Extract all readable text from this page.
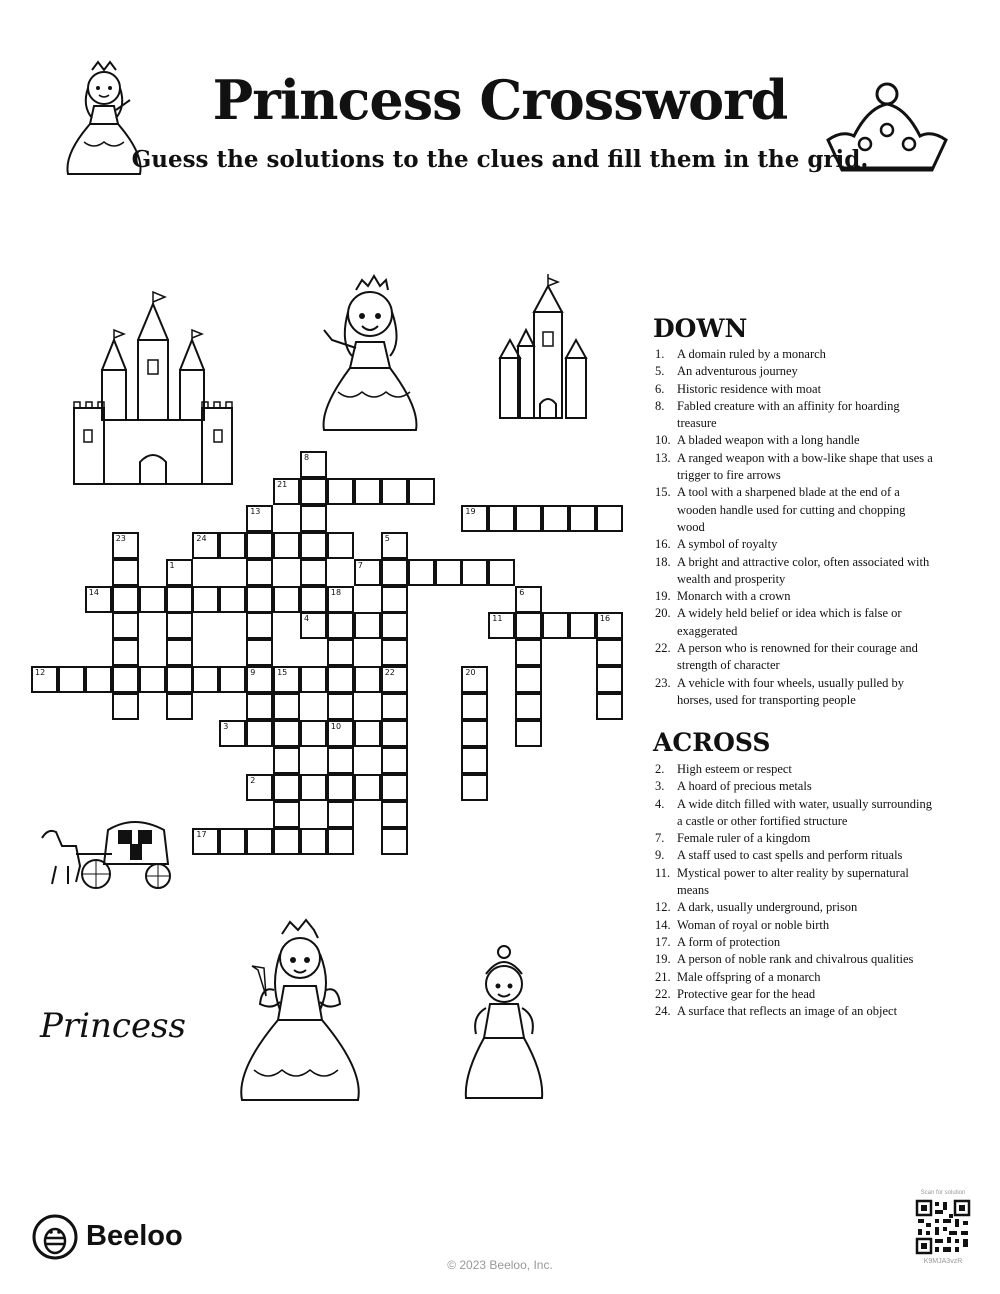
Princess Crossword
Guess the solutions to the clues and fill them in the grid.
Princess
1
2
3	10
4
5
22
6
7
8
9	15
11	16
12
13
14
17
18
19
20
21
23	24
DOWN
1. A domain ruled by a monarch
5. An adventurous journey
6. Historic residence with moat
8. Fabled creature with an affinity for hoarding treasure
10. A bladed weapon with a long handle
13. A ranged weapon with a bow-like shape that uses a trigger to fire arrows
15. A tool with a sharpened blade at the end of a wooden handle used for cutting and chopping wood
16. A symbol of royalty
18. A bright and attractive color, often associated with wealth and prosperity
19. Monarch with a crown
20. A widely held belief or idea which is false or exaggerated
22. A person who is renowned for their courage and strength of character
23. A vehicle with four wheels, usually pulled by horses, used for transporting people
ACROSS
2. High esteem or respect
3. A hoard of precious metals
4. A wide ditch filled with water, usually surrounding a castle or other fortified structure
7. Female ruler of a kingdom
9. A staff used to cast spells and perform rituals
11. Mystical power to alter reality by supernatural means
12. A dark, usually underground, prison
14. Woman of royal or noble birth
17. A form of protection
19. A person of noble rank and chivalrous qualities
21. Male offspring of a monarch
22. Protective gear for the head
24. A surface that reflects an image of an object
Beeloo
Scan for solution
K9MJA3vzR
© 2023 Beeloo, Inc.
